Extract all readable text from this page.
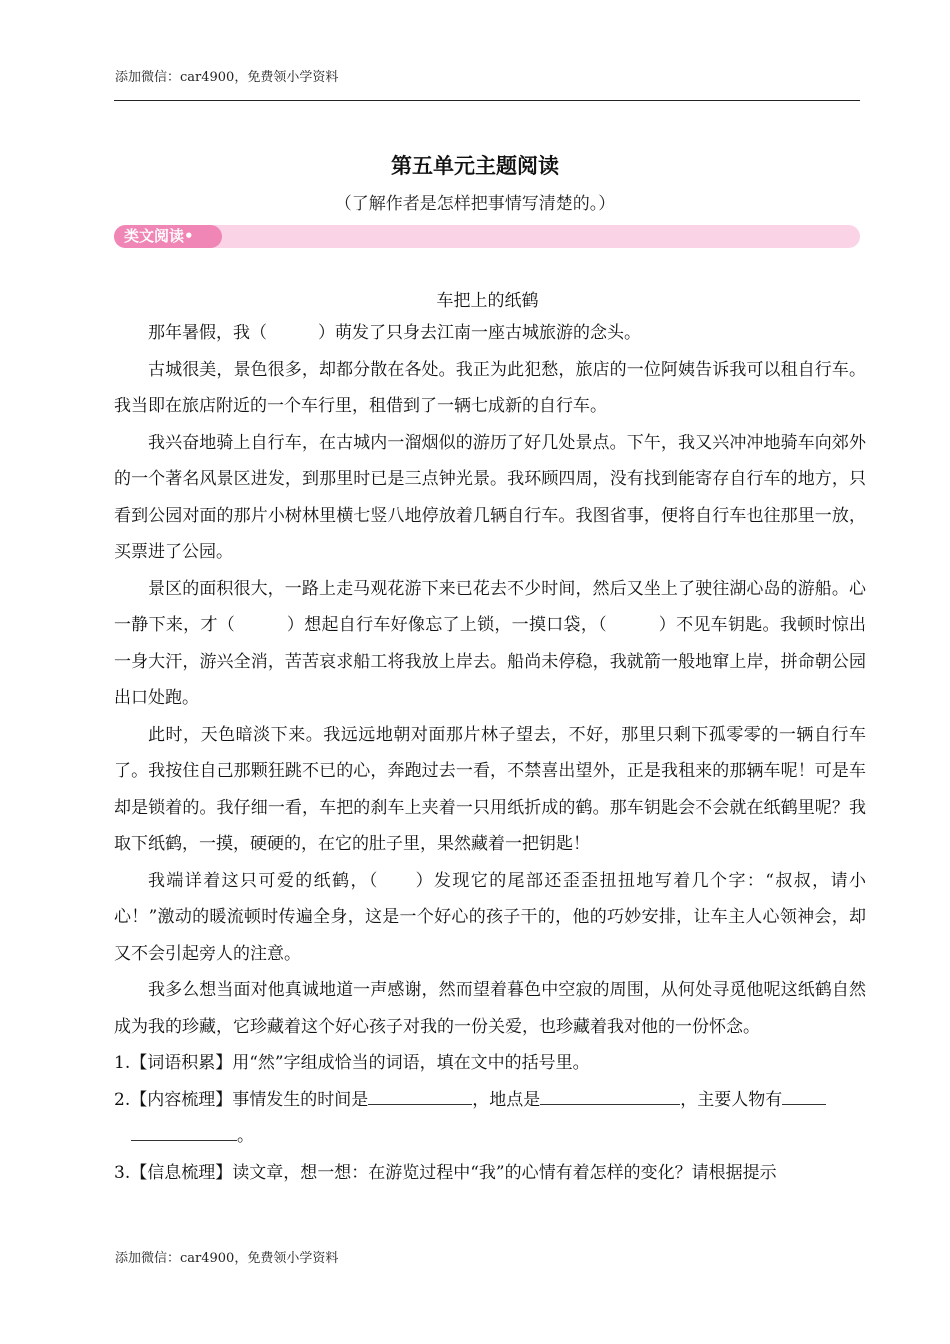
添加微信：car4900，免费领小学资料
第五单元主题阅读
（了解作者是怎样把事情写清楚的。）
类文阅读•
车把上的纸鹤

那年暑假，我（　　　）萌发了只身去江南一座古城旅游的念头。

古城很美，景色很多，却都分散在各处。我正为此犯愁，旅店的一位阿姨告诉我可以租自行车。我当即在旅店附近的一个车行里，租借到了一辆七成新的自行车。

我兴奋地骑上自行车，在古城内一溜烟似的游历了好几处景点。下午，我又兴冲冲地骑车向郊外的一个著名风景区进发，到那里时已是三点钟光景。我环顾四周，没有找到能寄存自行车的地方，只看到公园对面的那片小树林里横七竖八地停放着几辆自行车。我图省事，便将自行车也往那里一放，买票进了公园。

景区的面积很大，一路上走马观花游下来已花去不少时间，然后又坐上了驶往湖心岛的游船。心一静下来，才（　　　）想起自行车好像忘了上锁，一摸口袋，（　　　）不见车钥匙。我顿时惊出一身大汗，游兴全消，苦苦哀求船工将我放上岸去。船尚未停稳，我就箭一般地窜上岸，拼命朝公园出口处跑。

此时，天色暗淡下来。我远远地朝对面那片林子望去，不好，那里只剩下孤零零的一辆自行车了。我按住自己那颗狂跳不已的心，奔跑过去一看，不禁喜出望外，正是我租来的那辆车呢！可是车却是锁着的。我仔细一看，车把的刹车上夹着一只用纸折成的鹤。那车钥匙会不会就在纸鹤里呢？我取下纸鹤，一摸，硬硬的，在它的肚子里，果然藏着一把钥匙！

我端详着这只可爱的纸鹤，（　　）发现它的尾部还歪歪扭扭地写着几个字：“叔叔，请小心！”激动的暖流顿时传遍全身，这是一个好心的孩子干的，他的巧妙安排，让车主人心领神会，却又不会引起旁人的注意。

我多么想当面对他真诚地道一声感谢，然而望着暮色中空寂的周围，从何处寻觅他呢这纸鹤自然成为我的珍藏，它珍藏着这个好心孩子对我的一份关爱，也珍藏着我对他的一份怀念。

1.【词语积累】用“然”字组成恰当的词语，填在文中的括号里。

2.【内容梳理】事情发生的时间是	，地点是	，主要人物有

。

3.【信息梳理】读文章，想一想：在游览过程中“我”的心情有着怎样的变化？请根据提示

添加微信：car4900，免费领小学资料
